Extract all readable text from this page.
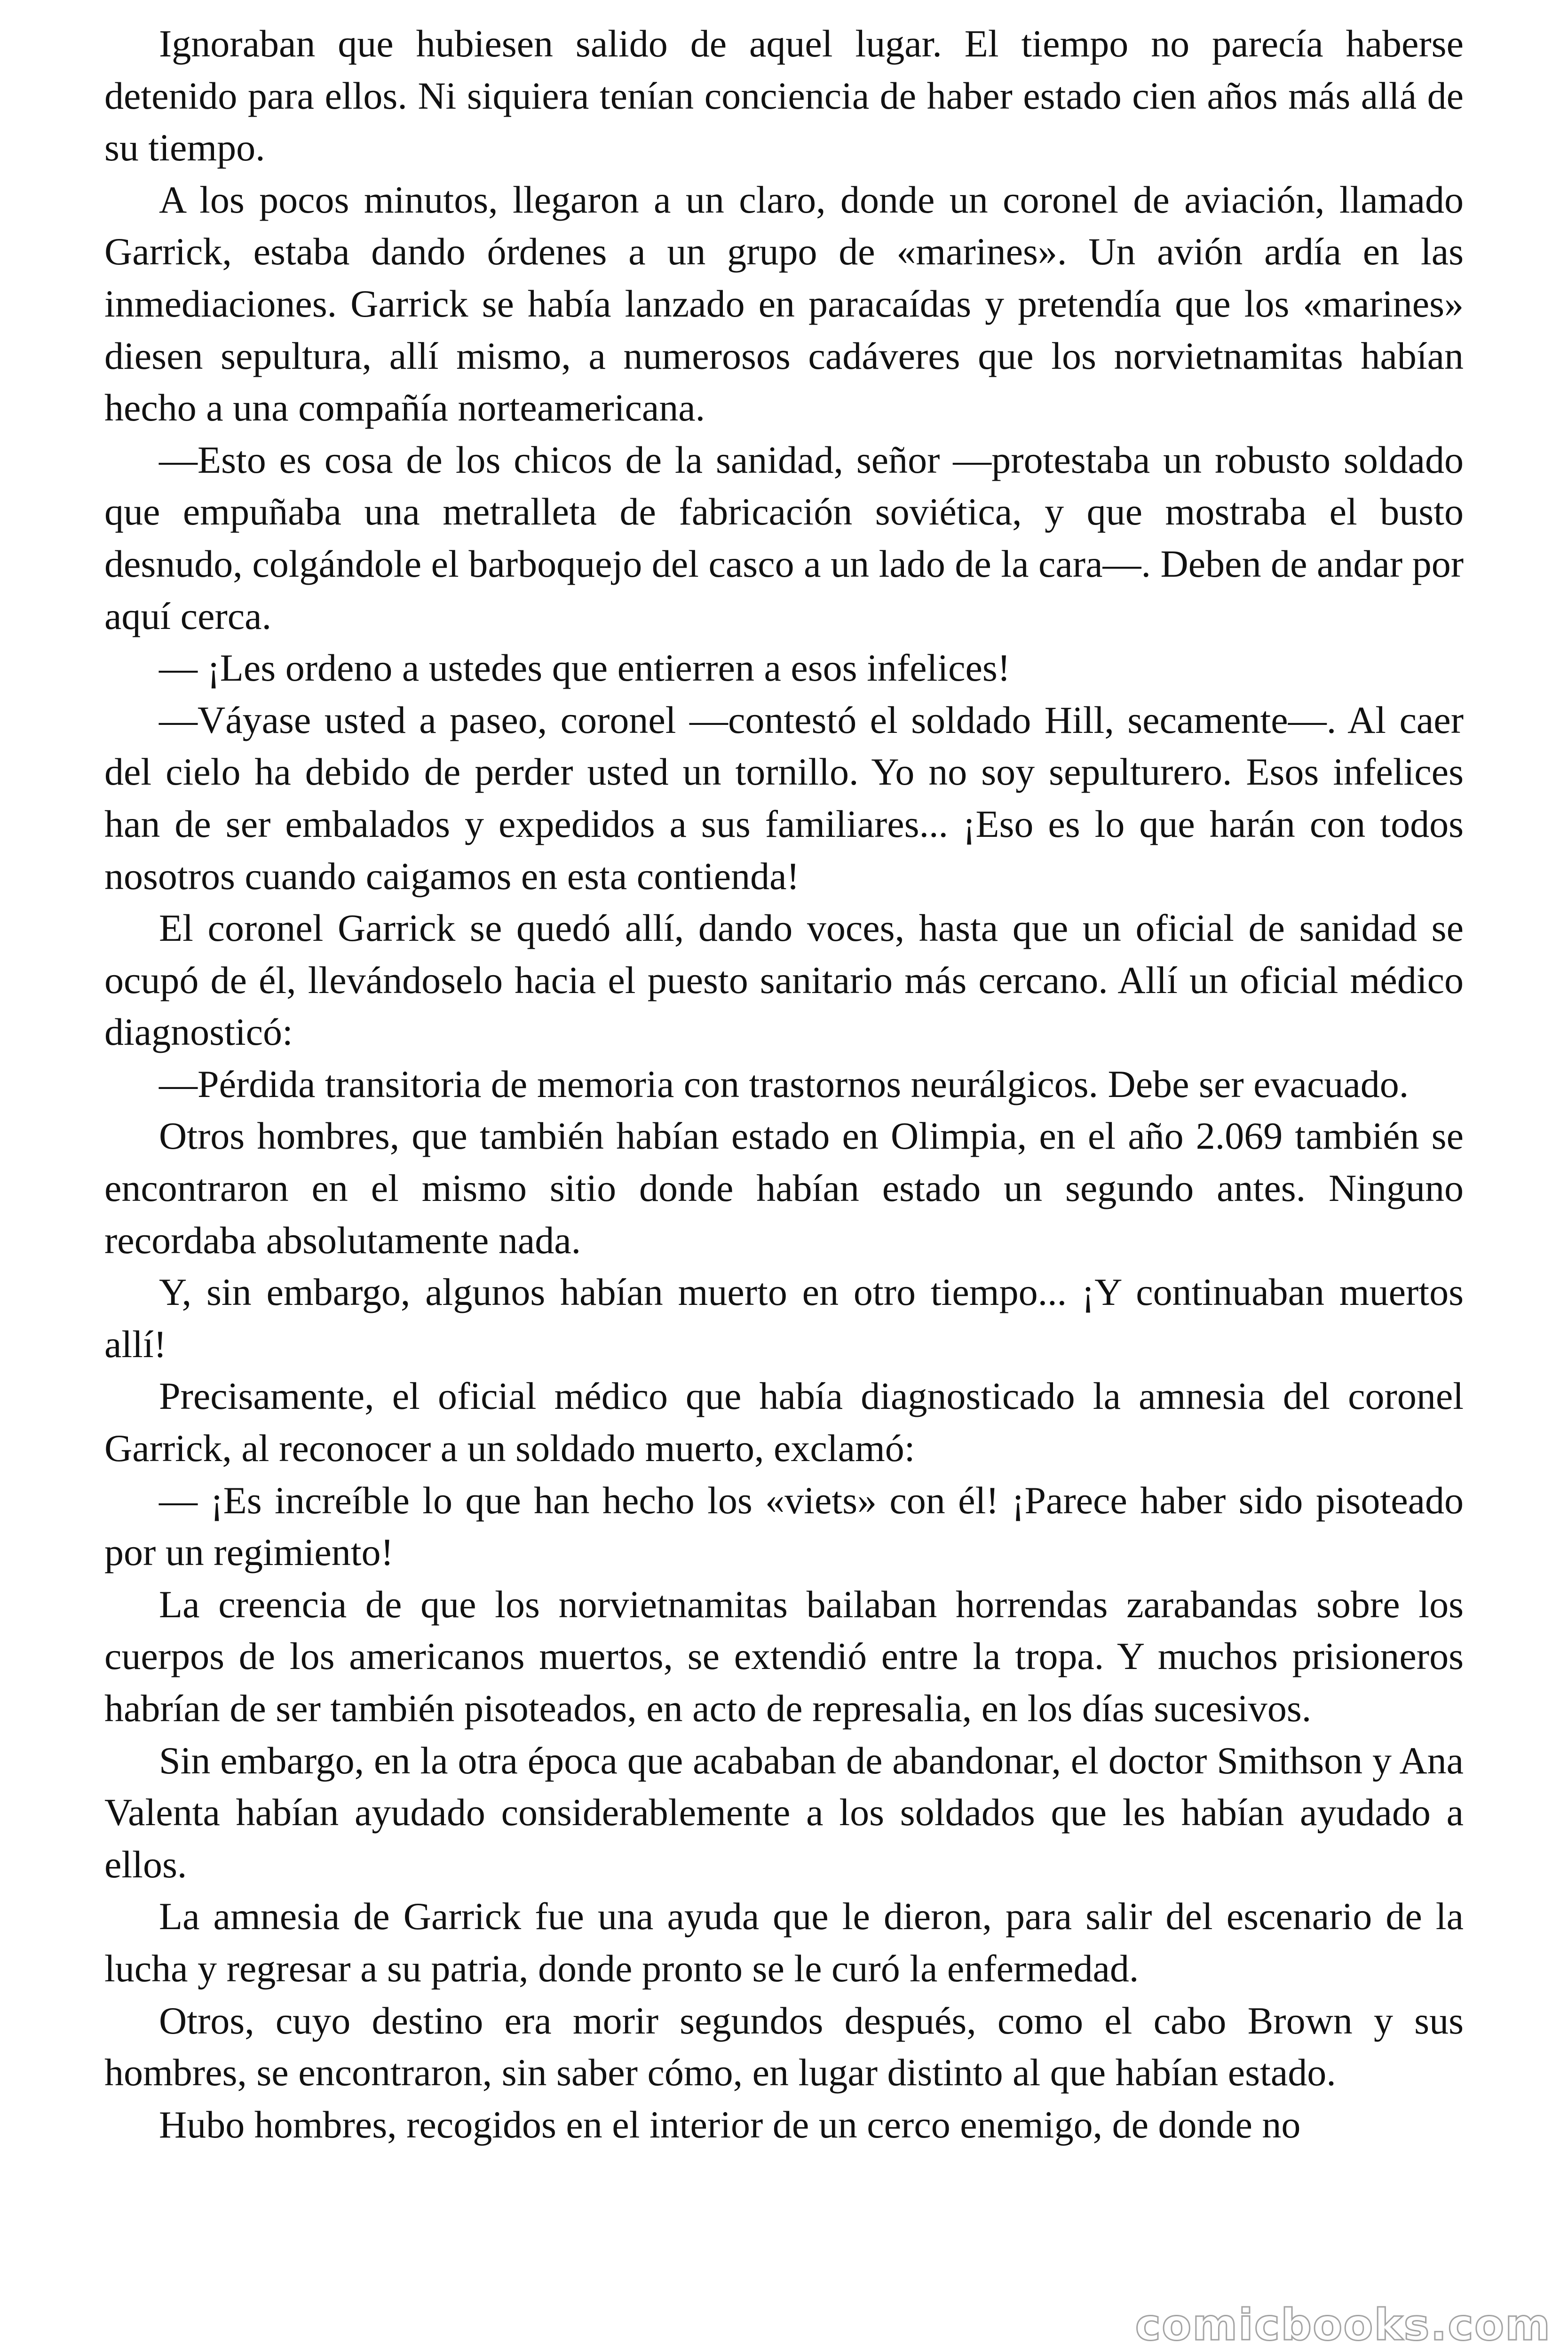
Ignoraban que hubiesen salido de aquel lugar. El tiempo no parecía haberse detenido para ellos. Ni siquiera tenían conciencia de haber estado cien años más allá de su tiempo.

A los pocos minutos, llegaron a un claro, donde un coronel de aviación, llamado Garrick, estaba dando órdenes a un grupo de «marines». Un avión ardía en las inmediaciones. Garrick se había lanzado en paracaídas y pretendía que los «marines» diesen sepultura, allí mismo, a numerosos cadáveres que los norvietnamitas habían hecho a una compañía norteamericana.

—Esto es cosa de los chicos de la sanidad, señor —protestaba un robusto soldado que empuñaba una metralleta de fabricación soviética, y que mostraba el busto desnudo, colgándole el barboquejo del casco a un lado de la cara—. Deben de andar por aquí cerca.

— ¡Les ordeno a ustedes que entierren a esos infelices!

—Váyase usted a paseo, coronel —contestó el soldado Hill, secamente—. Al caer del cielo ha debido de perder usted un tornillo. Yo no soy sepulturero. Esos infelices han de ser embalados y expedidos a sus familiares... ¡Eso es lo que harán con todos nosotros cuando caigamos en esta contienda!

El coronel Garrick se quedó allí, dando voces, hasta que un oficial de sanidad se ocupó de él, llevándoselo hacia el puesto sanitario más cercano. Allí un oficial médico diagnosticó:

—Pérdida transitoria de memoria con trastornos neurálgicos. Debe ser evacuado.

Otros hombres, que también habían estado en Olimpia, en el año 2.069 también se encontraron en el mismo sitio donde habían estado un segundo antes. Ninguno recordaba absolutamente nada.

Y, sin embargo, algunos habían muerto en otro tiempo... ¡Y continuaban muertos allí!

Precisamente, el oficial médico que había diagnosticado la amnesia del coronel Garrick, al reconocer a un soldado muerto, exclamó:

— ¡Es increíble lo que han hecho los «viets» con él! ¡Parece haber sido pisoteado por un regimiento!

La creencia de que los norvietnamitas bailaban horrendas zarabandas sobre los cuerpos de los americanos muertos, se extendió entre la tropa. Y muchos prisioneros habrían de ser también pisoteados, en acto de represalia, en los días sucesivos.

Sin embargo, en la otra época que acababan de abandonar, el doctor Smithson y Ana Valenta habían ayudado considerablemente a los soldados que les habían ayudado a ellos.

La amnesia de Garrick fue una ayuda que le dieron, para salir del escenario de la lucha y regresar a su patria, donde pronto se le curó la enfermedad.

Otros, cuyo destino era morir segundos después, como el cabo Brown y sus hombres, se encontraron, sin saber cómo, en lugar distinto al que habían estado.

Hubo hombres, recogidos en el interior de un cerco enemigo, de donde no

comicbooks.com
